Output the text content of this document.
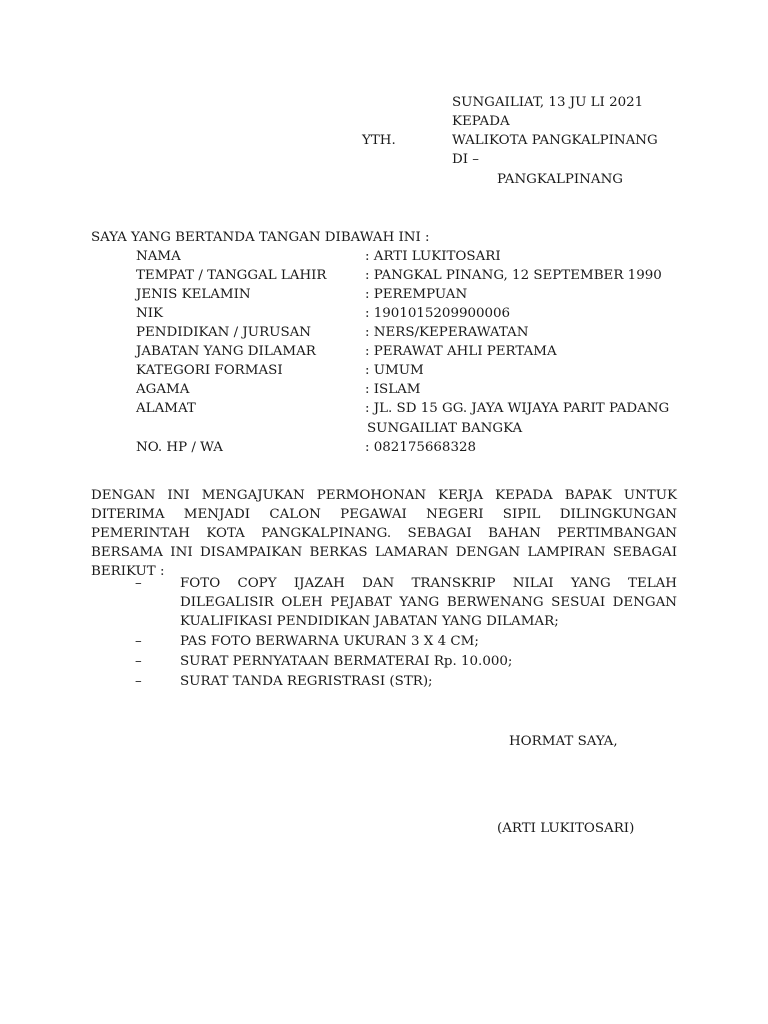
SUNGAILIAT, 13 JU LI 2021
KEPADA
YTH.	WALIKOTA PANGKALPINANG
DI –
PANGKALPINANG
SAYA YANG BERTANDA TANGAN DIBAWAH INI :
NAMA	: ARTI LUKITOSARI
TEMPAT / TANGGAL LAHIR	: PANGKAL PINANG, 12 SEPTEMBER 1990
JENIS KELAMIN	: PEREMPUAN
NIK	: 1901015209900006
PENDIDIKAN / JURUSAN	: NERS/KEPERAWATAN
JABATAN YANG DILAMAR	: PERAWAT AHLI PERTAMA
KATEGORI FORMASI	: UMUM
AGAMA	: ISLAM
ALAMAT	: JL. SD 15 GG. JAYA WIJAYA PARIT PADANG
SUNGAILIAT BANGKA
NO. HP / WA	: 082175668328
DENGAN INI MENGAJUKAN PERMOHONAN KERJA KEPADA BAPAK UNTUK DITERIMA MENJADI CALON PEGAWAI NEGERI SIPIL DILINGKUNGAN PEMERINTAH KOTA PANGKALPINANG. SEBAGAI BAHAN PERTIMBANGAN BERSAMA INI DISAMPAIKAN BERKAS LAMARAN DENGAN LAMPIRAN SEBAGAI BERIKUT :
–	FOTO COPY IJAZAH DAN TRANSKRIP NILAI YANG TELAH DILEGALISIR OLEH PEJABAT YANG BERWENANG SESUAI DENGAN KUALIFIKASI PENDIDIKAN JABATAN YANG DILAMAR;
–	PAS FOTO BERWARNA UKURAN 3 X 4 CM;
–	SURAT PERNYATAAN BERMATERAI Rp. 10.000;
–	SURAT TANDA REGRISTRASI (STR);
HORMAT SAYA,
(ARTI LUKITOSARI)
